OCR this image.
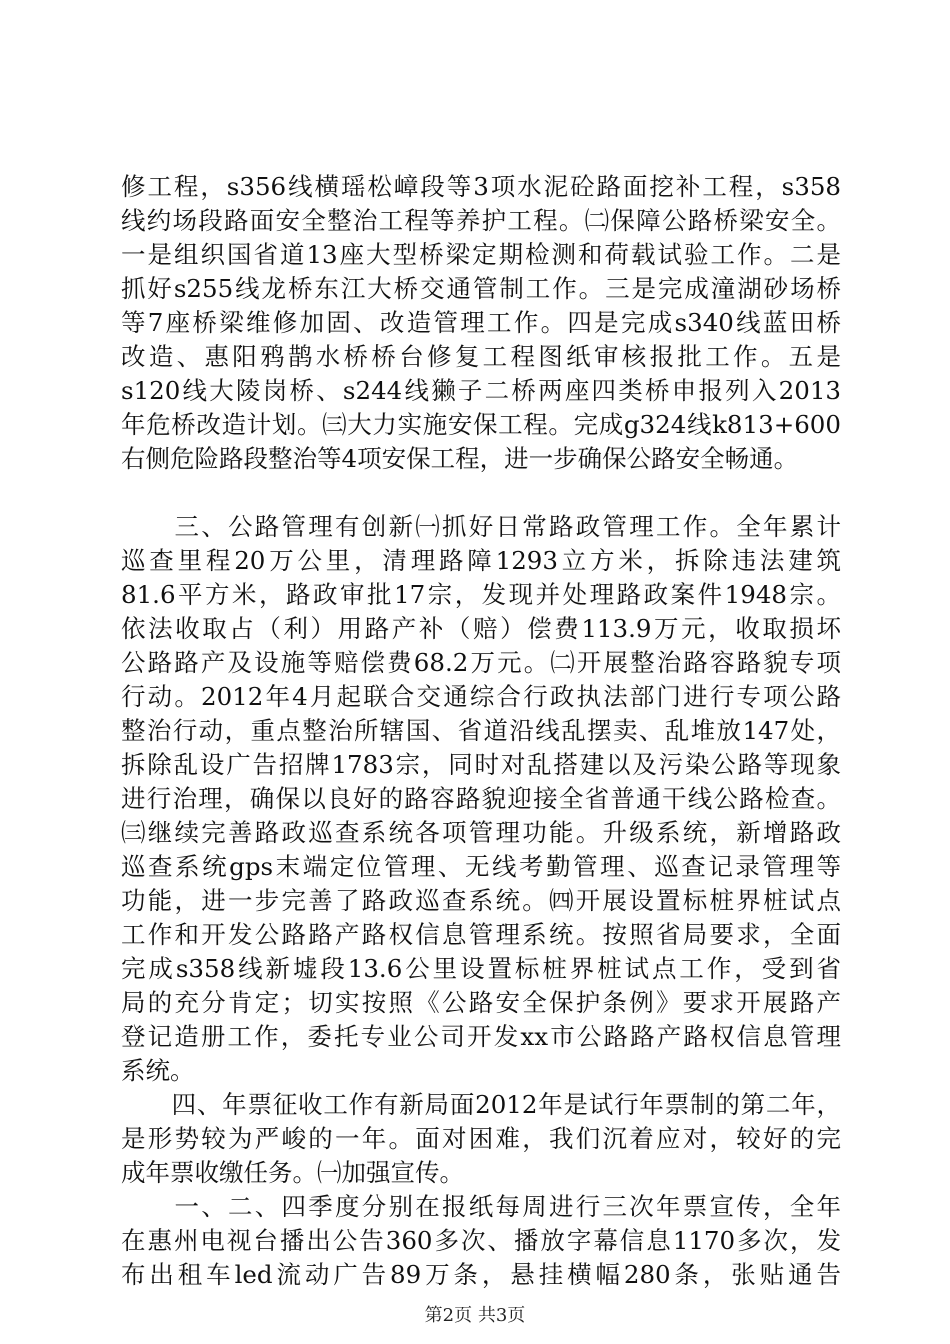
修工程，s356线横瑶松嶂段等3项水泥砼路面挖补工程，s358
线约场段路面安全整治工程等养护工程。㈡保障公路桥梁安全。
一是组织国省道13座大型桥梁定期检测和荷载试验工作。二是
抓好s255线龙桥东江大桥交通管制工作。三是完成潼湖砂场桥
等7座桥梁维修加固、改造管理工作。四是完成s340线蓝田桥
改造、惠阳鸦鹊水桥桥台修复工程图纸审核报批工作。五是
s120线大陵岗桥、s244线獭子二桥两座四类桥申报列入2013
年危桥改造计划。㈢大力实施安保工程。完成g324线k813+600
右侧危险路段整治等4项安保工程，进一步确保公路安全畅通。
　　三、公路管理有创新㈠抓好日常路政管理工作。全年累计
巡查里程20万公里，清理路障1293立方米，拆除违法建筑
81.6平方米，路政审批17宗，发现并处理路政案件1948宗。
依法收取占（利）用路产补（赔）偿费113.9万元，收取损坏
公路路产及设施等赔偿费68.2万元。㈡开展整治路容路貌专项
行动。2012年4月起联合交通综合行政执法部门进行专项公路
整治行动，重点整治所辖国、省道沿线乱摆卖、乱堆放147处，
拆除乱设广告招牌1783宗，同时对乱搭建以及污染公路等现象
进行治理，确保以良好的路容路貌迎接全省普通干线公路检查。
㈢继续完善路政巡查系统各项管理功能。升级系统，新增路政
巡查系统gps末端定位管理、无线考勤管理、巡查记录管理等
功能，进一步完善了路政巡查系统。㈣开展设置标桩界桩试点
工作和开发公路路产路权信息管理系统。按照省局要求，全面
完成s358线新墟段13.6公里设置标桩界桩试点工作，受到省
局的充分肯定；切实按照《公路安全保护条例》要求开展路产
登记造册工作，委托专业公司开发xx市公路路产路权信息管理
系统。
　　四、年票征收工作有新局面2012年是试行年票制的第二年，
是形势较为严峻的一年。面对困难，我们沉着应对，较好的完
成年票收缴任务。㈠加强宣传。
　　一、二、四季度分别在报纸每周进行三次年票宣传，全年
在惠州电视台播出公告360多次、播放字幕信息1170多次，发
布出租车led流动广告89万条，悬挂横幅280条，张贴通告
第2页 共3页
